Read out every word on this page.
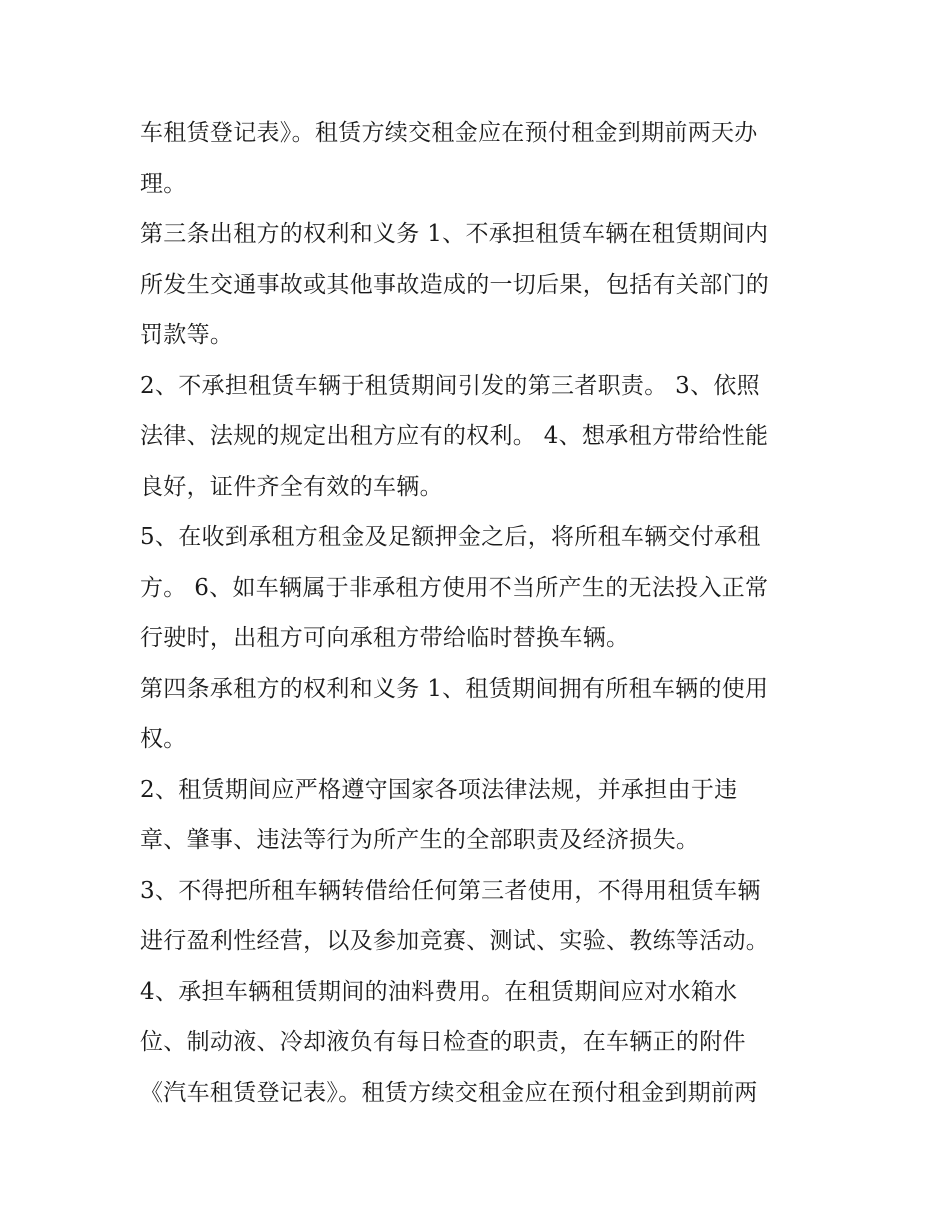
车租赁登记表》。租赁方续交租金应在预付租金到期前两天办
理。
第三条出租方的权利和义务 1、不承担租赁车辆在租赁期间内
所发生交通事故或其他事故造成的一切后果，包括有关部门的
罚款等。
2、不承担租赁车辆于租赁期间引发的第三者职责。 3、依照
法律、法规的规定出租方应有的权利。 4、想承租方带给性能
良好，证件齐全有效的车辆。
5、在收到承租方租金及足额押金之后，将所租车辆交付承租
方。 6、如车辆属于非承租方使用不当所产生的无法投入正常
行驶时，出租方可向承租方带给临时替换车辆。
第四条承租方的权利和义务 1、租赁期间拥有所租车辆的使用
权。
2、租赁期间应严格遵守国家各项法律法规，并承担由于违
章、肇事、违法等行为所产生的全部职责及经济损失。
3、不得把所租车辆转借给任何第三者使用，不得用租赁车辆
进行盈利性经营，以及参加竞赛、测试、实验、教练等活动。
4、承担车辆租赁期间的油料费用。在租赁期间应对水箱水
位、制动液、冷却液负有每日检查的职责，在车辆正的附件
《汽车租赁登记表》。租赁方续交租金应在预付租金到期前两
